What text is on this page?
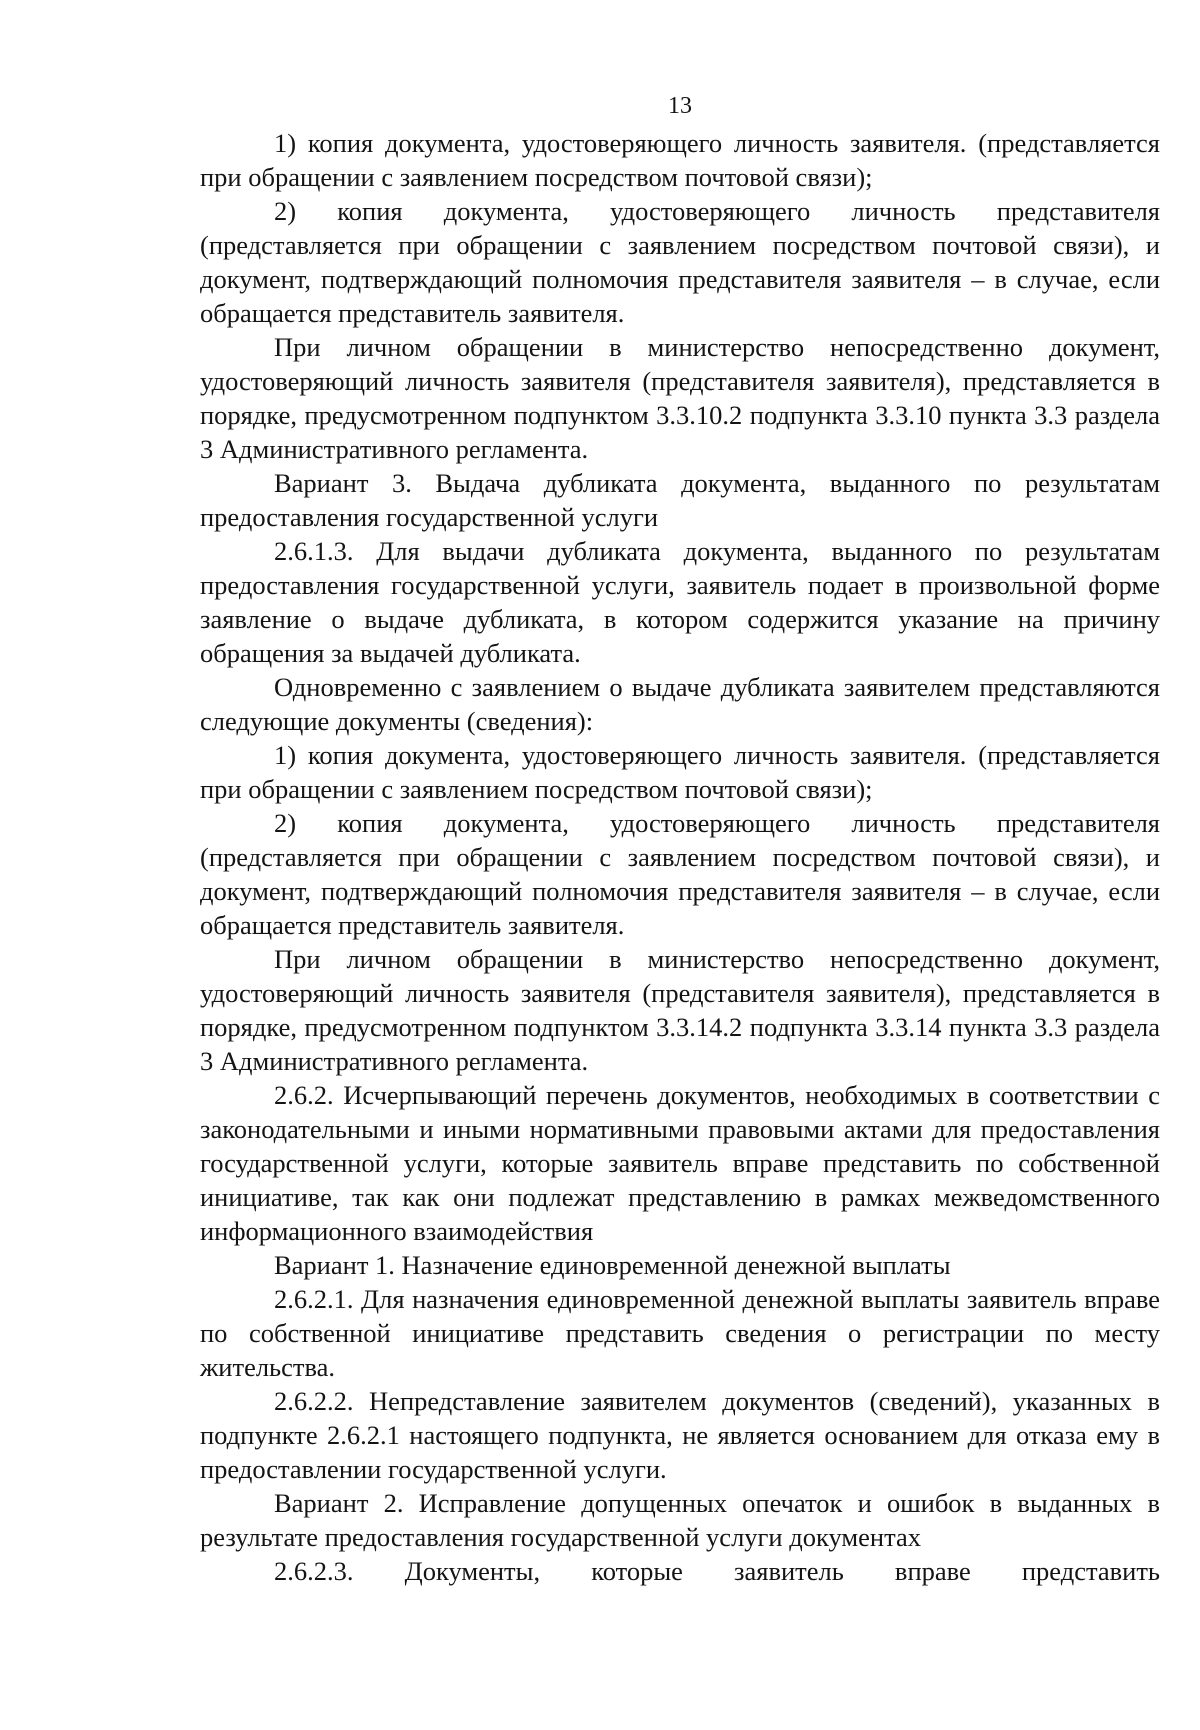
13

1) копия документа, удостоверяющего личность заявителя. (представляется при обращении с заявлением посредством почтовой связи);

2) копия документа, удостоверяющего личность представителя (представляется при обращении с заявлением посредством почтовой связи), и документ, подтверждающий полномочия представителя заявителя – в случае, если обращается представитель заявителя.

При личном обращении в министерство непосредственно документ, удостоверяющий личность заявителя (представителя заявителя), представляется в порядке, предусмотренном подпунктом 3.3.10.2 подпункта 3.3.10 пункта 3.3 раздела 3 Административного регламента.

Вариант 3. Выдача дубликата документа, выданного по результатам предоставления государственной услуги

2.6.1.3. Для выдачи дубликата документа, выданного по результатам предоставления государственной услуги, заявитель подает в произвольной форме заявление о выдаче дубликата, в котором содержится указание на причину обращения за выдачей дубликата.

Одновременно с заявлением о выдаче дубликата заявителем представляются следующие документы (сведения):

1) копия документа, удостоверяющего личность заявителя. (представляется при обращении с заявлением посредством почтовой связи);

2) копия документа, удостоверяющего личность представителя (представляется при обращении с заявлением посредством почтовой связи), и документ, подтверждающий полномочия представителя заявителя – в случае, если обращается представитель заявителя.

При личном обращении в министерство непосредственно документ, удостоверяющий личность заявителя (представителя заявителя), представляется в порядке, предусмотренном подпунктом 3.3.14.2 подпункта 3.3.14 пункта 3.3 раздела 3 Административного регламента.

2.6.2. Исчерпывающий перечень документов, необходимых в соответствии с законодательными и иными нормативными правовыми актами для предоставления государственной услуги, которые заявитель вправе представить по собственной инициативе, так как они подлежат представлению в рамках межведомственного информационного взаимодействия

Вариант 1. Назначение единовременной денежной выплаты

2.6.2.1. Для назначения единовременной денежной выплаты заявитель вправе по собственной инициативе представить сведения о регистрации по месту жительства.

2.6.2.2. Непредставление заявителем документов (сведений), указанных в подпункте 2.6.2.1 настоящего подпункта, не является основанием для отказа ему в предоставлении государственной услуги.

Вариант 2. Исправление допущенных опечаток и ошибок в выданных в результате предоставления государственной услуги документах

2.6.2.3. Документы, которые заявитель вправе представить
